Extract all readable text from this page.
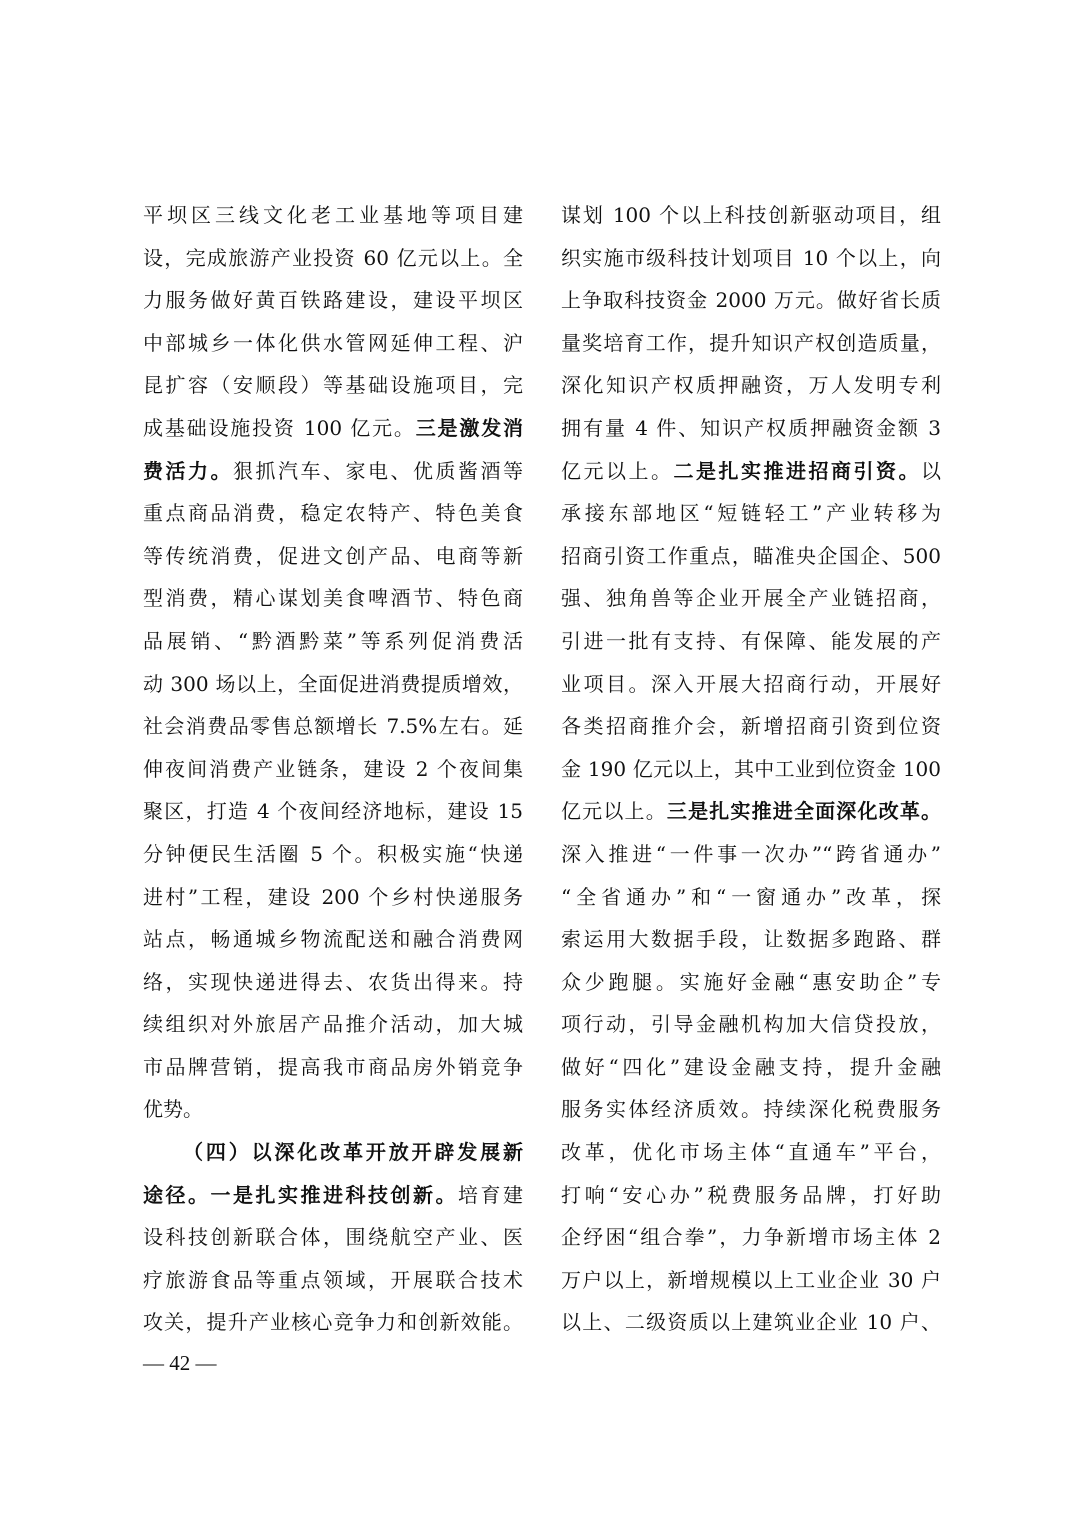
平坝区三线文化老工业基地等项目建
设，完成旅游产业投资 60 亿元以上。全
力服务做好黄百铁路建设，建设平坝区
中部城乡一体化供水管网延伸工程、沪
昆扩容（安顺段）等基础设施项目，完
成基础设施投资 100 亿元。三是激发消
费活力。狠抓汽车、家电、优质酱酒等
重点商品消费，稳定农特产、特色美食
等传统消费，促进文创产品、电商等新
型消费，精心谋划美食啤酒节、特色商
品展销、“黔酒黔菜”等系列促消费活
动 300 场以上，全面促进消费提质增效，
社会消费品零售总额增长 7.5%左右。延
伸夜间消费产业链条，建设 2 个夜间集
聚区，打造 4 个夜间经济地标，建设 15
分钟便民生活圈 5 个。积极实施“快递
进村”工程，建设 200 个乡村快递服务
站点，畅通城乡物流配送和融合消费网
络，实现快递进得去、农货出得来。持
续组织对外旅居产品推介活动，加大城
市品牌营销，提高我市商品房外销竞争
优势。
（四）以深化改革开放开辟发展新
途径。一是扎实推进科技创新。培育建
设科技创新联合体，围绕航空产业、医
疗旅游食品等重点领域，开展联合技术
攻关，提升产业核心竞争力和创新效能。
谋划 100 个以上科技创新驱动项目，组
织实施市级科技计划项目 10 个以上，向
上争取科技资金 2000 万元。做好省长质
量奖培育工作，提升知识产权创造质量，
深化知识产权质押融资，万人发明专利
拥有量 4 件、知识产权质押融资金额 3
亿元以上。二是扎实推进招商引资。以
承接东部地区“短链轻工”产业转移为
招商引资工作重点，瞄准央企国企、500
强、独角兽等企业开展全产业链招商，
引进一批有支持、有保障、能发展的产
业项目。深入开展大招商行动，开展好
各类招商推介会，新增招商引资到位资
金 190 亿元以上，其中工业到位资金 100
亿元以上。三是扎实推进全面深化改革。
深入推进“一件事一次办”“跨省通办”
“全省通办”和“一窗通办”改革，探
索运用大数据手段，让数据多跑路、群
众少跑腿。实施好金融“惠安助企”专
项行动，引导金融机构加大信贷投放，
做好“四化”建设金融支持，提升金融
服务实体经济质效。持续深化税费服务
改革，优化市场主体“直通车”平台，
打响“安心办”税费服务品牌，打好助
企纾困“组合拳”，力争新增市场主体 2
万户以上，新增规模以上工业企业 30 户
以上、二级资质以上建筑业企业 10 户、
— 42 —
